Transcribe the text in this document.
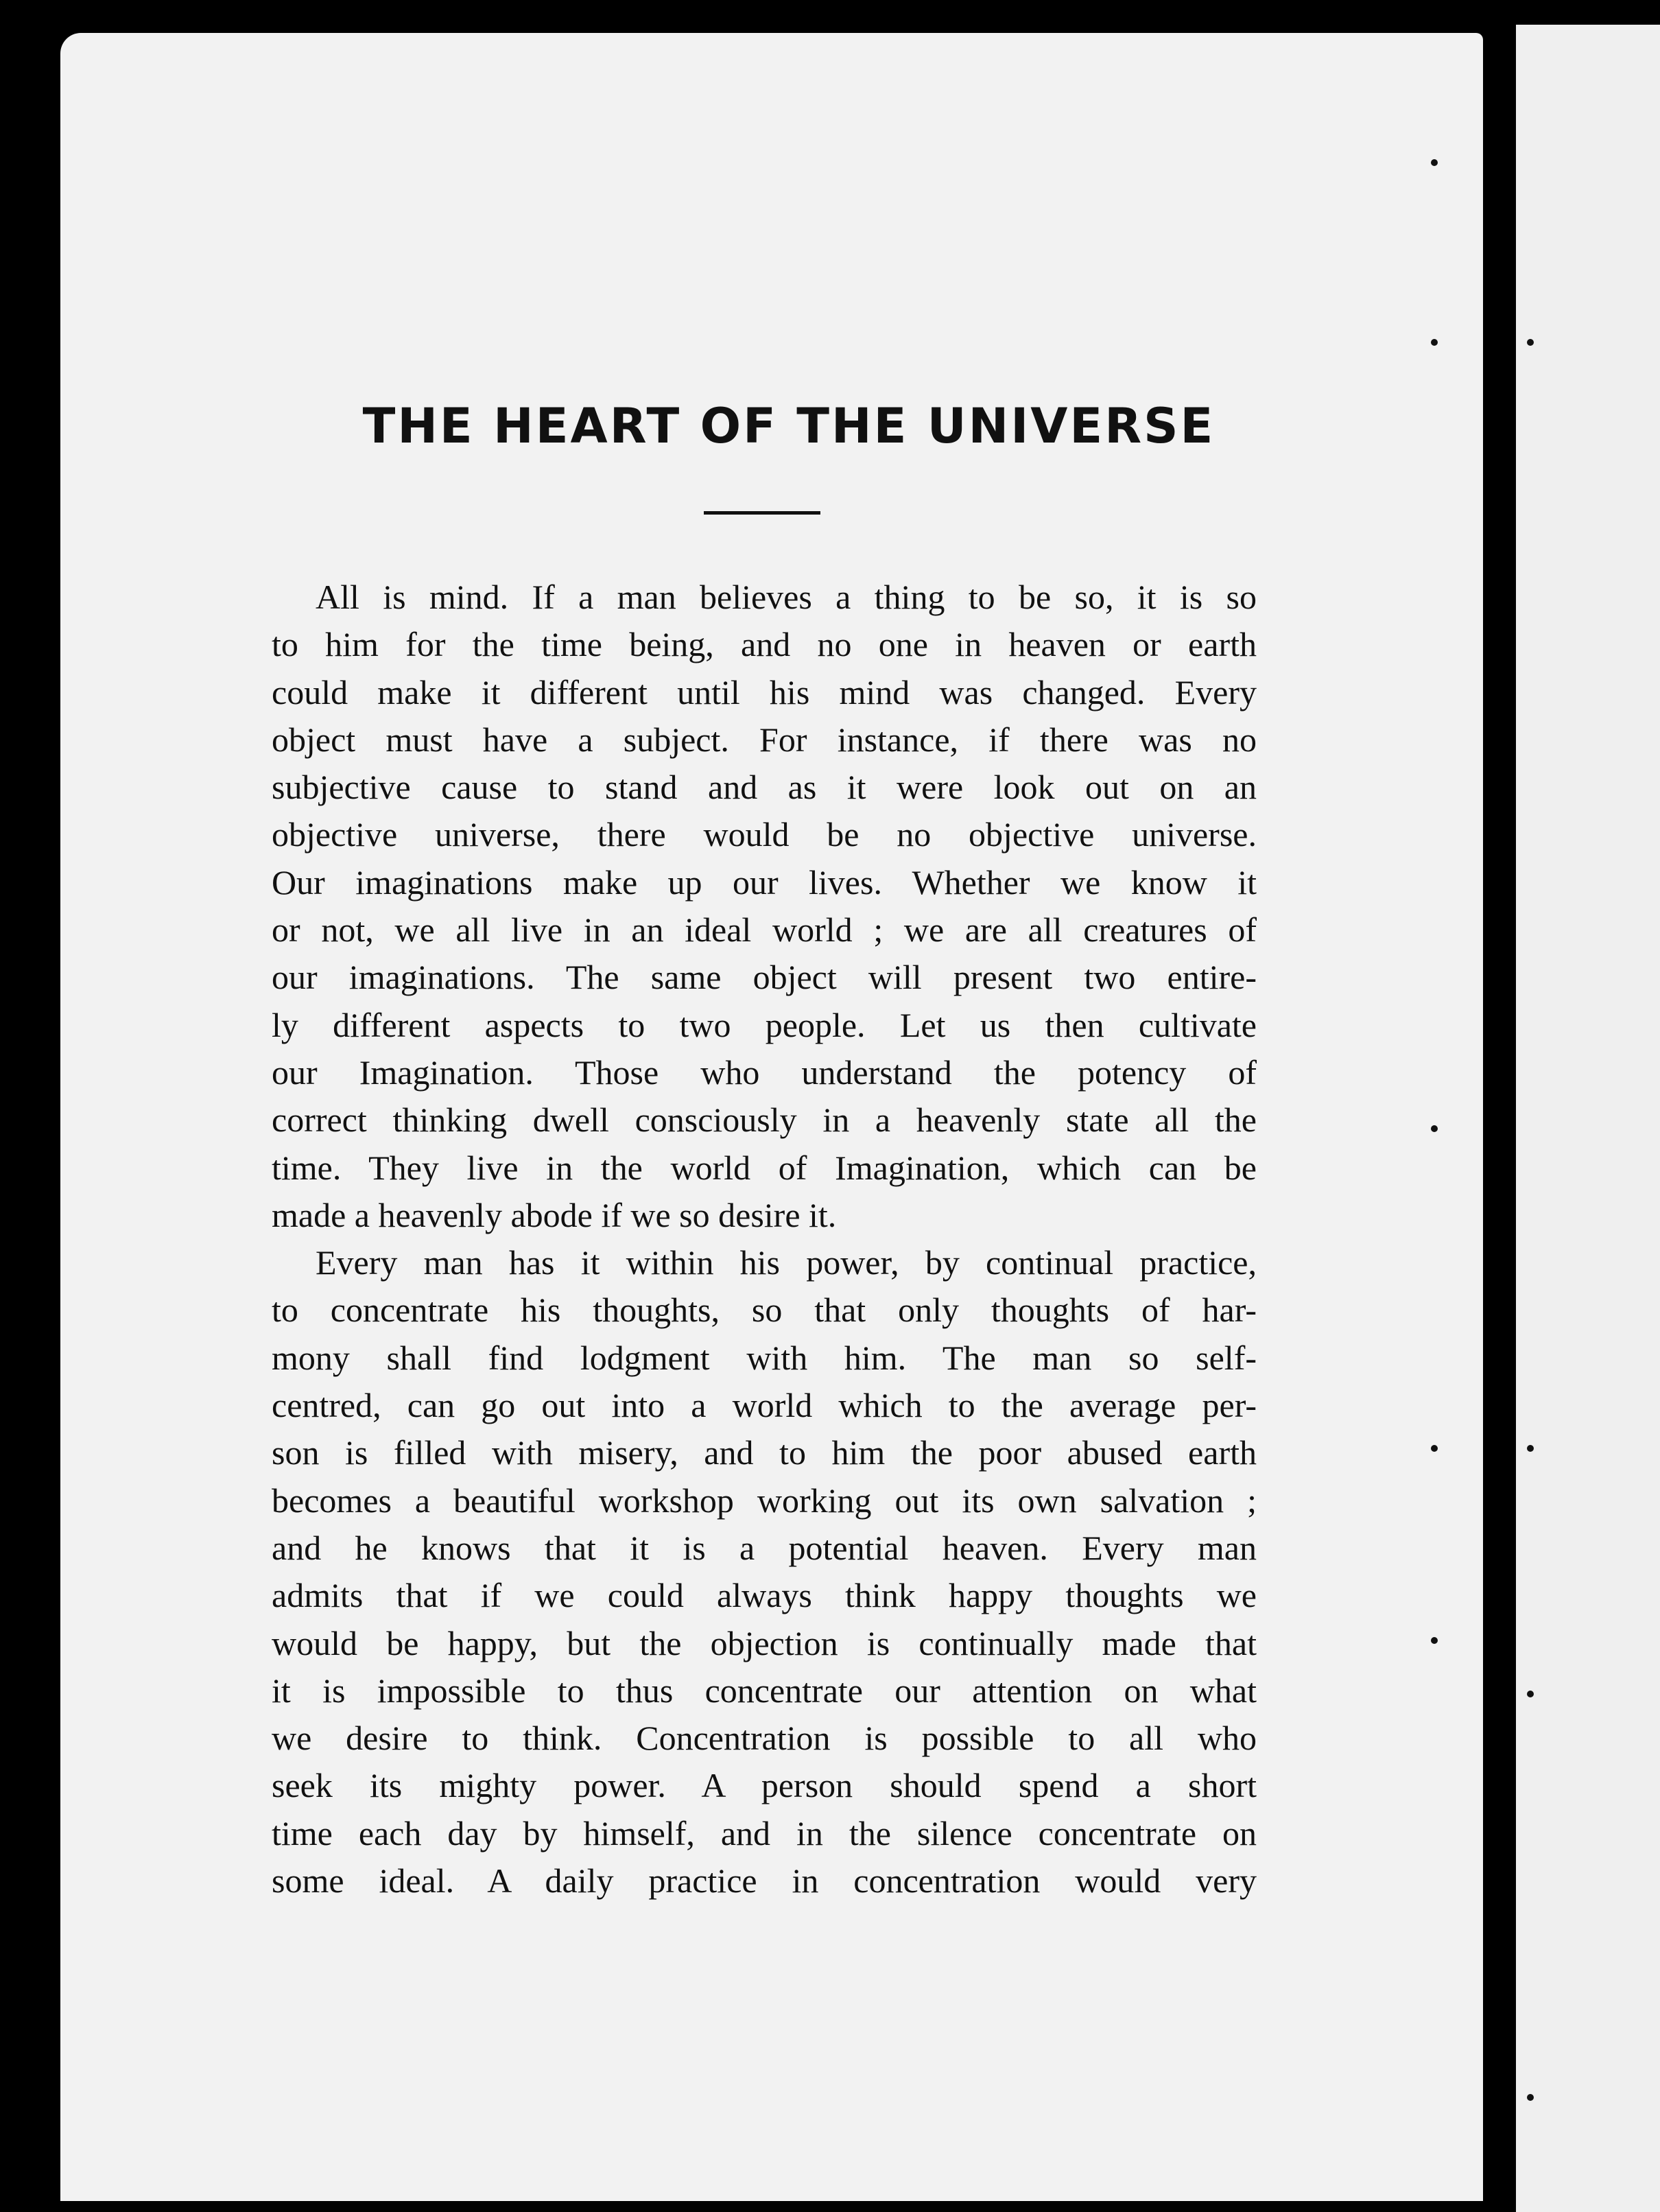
THE HEART OF THE UNIVERSE
All is mind. If a man believes a thing to be so, it is so
to him for the time being, and no one in heaven or earth
could make it different until his mind was changed. Every
object must have a subject. For instance, if there was no
subjective cause to stand and as it were look out on an
objective universe, there would be no objective universe.
Our imaginations make up our lives. Whether we know it
or not, we all live in an ideal world ; we are all creatures of
our imaginations. The same object will present two entire-
ly different aspects to two people. Let us then cultivate
our Imagination. Those who understand the potency of
correct thinking dwell consciously in a heavenly state all the
time. They live in the world of Imagination, which can be
made a heavenly abode if we so desire it.
Every man has it within his power, by continual practice,
to concentrate his thoughts, so that only thoughts of har-
mony shall find lodgment with him. The man so self-
centred, can go out into a world which to the average per-
son is filled with misery, and to him the poor abused earth
becomes a beautiful workshop working out its own salvation ;
and he knows that it is a potential heaven. Every man
admits that if we could always think happy thoughts we
would be happy, but the objection is continually made that
it is impossible to thus concentrate our attention on what
we desire to think. Concentration is possible to all who
seek its mighty power. A person should spend a short
time each day by himself, and in the silence concentrate on
some ideal. A daily practice in concentration would very
